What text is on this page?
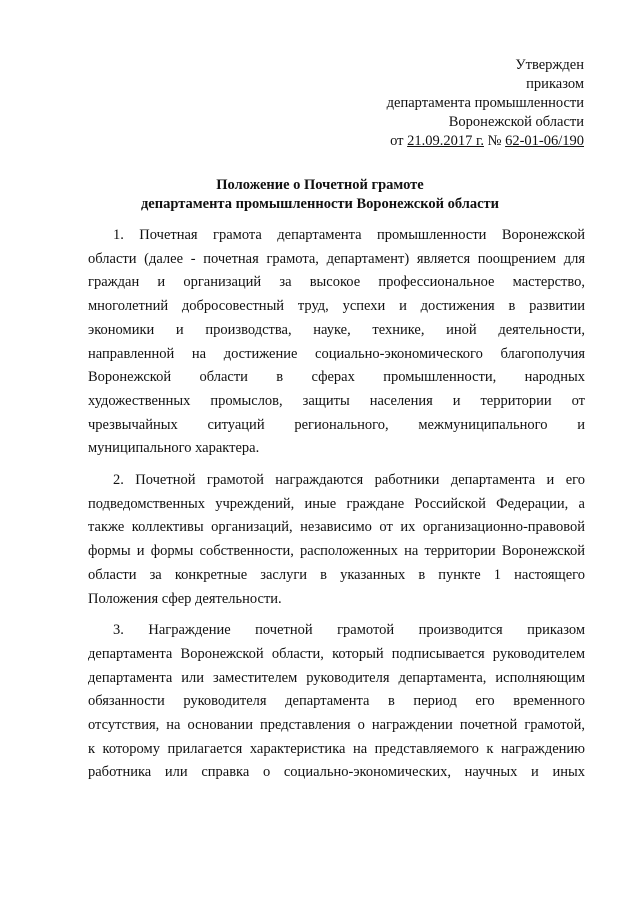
Утвержден
приказом
департамента промышленности
Воронежской области
от 21.09.2017 г. № 62-01-06/190
Положение о Почетной грамоте
департамента промышленности Воронежской области
1. Почетная грамота департамента промышленности Воронежской
области (далее - почетная грамота, департамент) является поощрением для
граждан и организаций за высокое профессиональное мастерство,
многолетний добросовестный труд, успехи и достижения в развитии
экономики и производства, науке, технике, иной деятельности,
направленной на достижение социально-экономического благополучия
Воронежской области в сферах промышленности, народных
художественных промыслов, защиты населения и территории от
чрезвычайных ситуаций регионального, межмуниципального и
муниципального характера.
2. Почетной грамотой награждаются работники департамента и его
подведомственных учреждений, иные граждане Российской Федерации, а
также коллективы организаций, независимо от их организационно-правовой
формы и формы собственности, расположенных на территории Воронежской
области за конкретные заслуги в указанных в пункте 1 настоящего
Положения сфер деятельности.
3. Награждение почетной грамотой производится приказом
департамента Воронежской области, который подписывается руководителем
департамента или заместителем руководителя департамента, исполняющим
обязанности руководителя департамента в период его временного
отсутствия, на основании представления о награждении почетной грамотой,
к которому прилагается характеристика на представляемого к награждению
работника или справка о социально-экономических, научных и иных
